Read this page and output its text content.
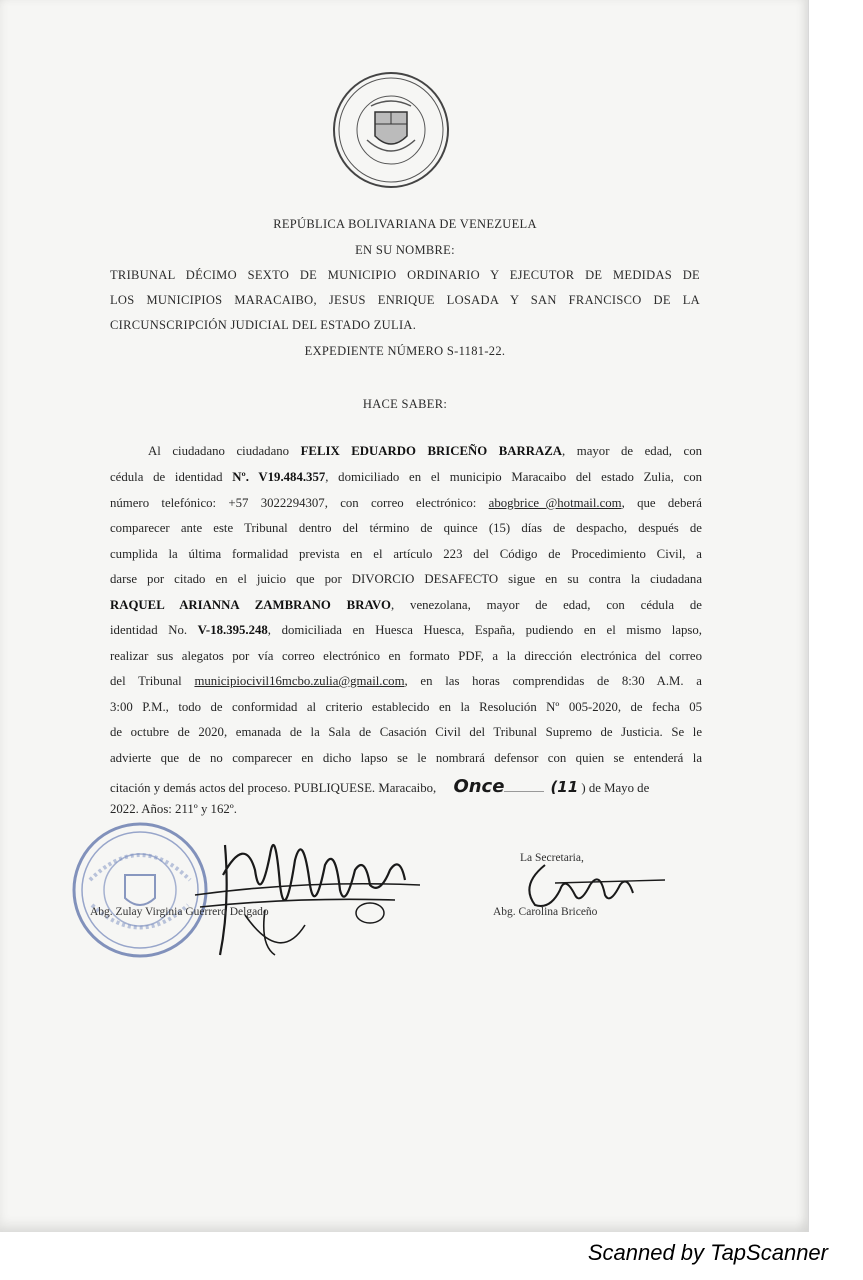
REPÚBLICA BOLIVARIANA DE VENEZUELA
EN SU NOMBRE:
TRIBUNAL DÉCIMO SEXTO DE MUNICIPIO ORDINARIO Y EJECUTOR DE MEDIDAS DE
LOS MUNICIPIOS MARACAIBO, JESUS ENRIQUE LOSADA Y SAN FRANCISCO DE LA
CIRCUNSCRIPCIÓN JUDICIAL DEL ESTADO ZULIA.
EXPEDIENTE NÚMERO S-1181-22.
HACE SABER:
Al ciudadano ciudadano FELIX EDUARDO BRICEÑO BARRAZA, mayor de edad, con
cédula de identidad Nº. V19.484.357, domiciliado en el municipio Maracaibo del estado Zulia, con
número telefónico: +57 3022294307, con correo electrónico: abogbrice_@hotmail.com, que deberá
comparecer ante este Tribunal dentro del término de quince (15) días de despacho, después de
cumplida la última formalidad prevista en el artículo 223 del Código de Procedimiento Civil, a
darse por citado en el juicio que por DIVORCIO DESAFECTO sigue en su contra la ciudadana
RAQUEL ARIANNA ZAMBRANO BRAVO, venezolana, mayor de edad, con cédula de
identidad No. V-18.395.248, domiciliada en Huesca Huesca, España, pudiendo en el mismo lapso,
realizar sus alegatos por vía correo electrónico en formato PDF, a la dirección electrónica del correo
del Tribunal municipiocivil16mcbo.zulia@gmail.com, en las horas comprendidas de 8:30 A.M. a
3:00 P.M., todo de conformidad al criterio establecido en la Resolución Nº 005-2020, de fecha 05
de octubre de 2020, emanada de la Sala de Casación Civil del Tribunal Supremo de Justicia. Se le
advierte que de no comparecer en dicho lapso se le nombrará defensor con quien se entenderá la
citación y demás actos del proceso. PUBLIQUESE. Maracaibo, Once	(11 ) de Mayo de
2022. Años: 211º y 162º.
Abg. Zulay Virginia Guerrero Delgado
La Secretaria,
Abg. Carolina Briceño
Scanned by TapScanner
